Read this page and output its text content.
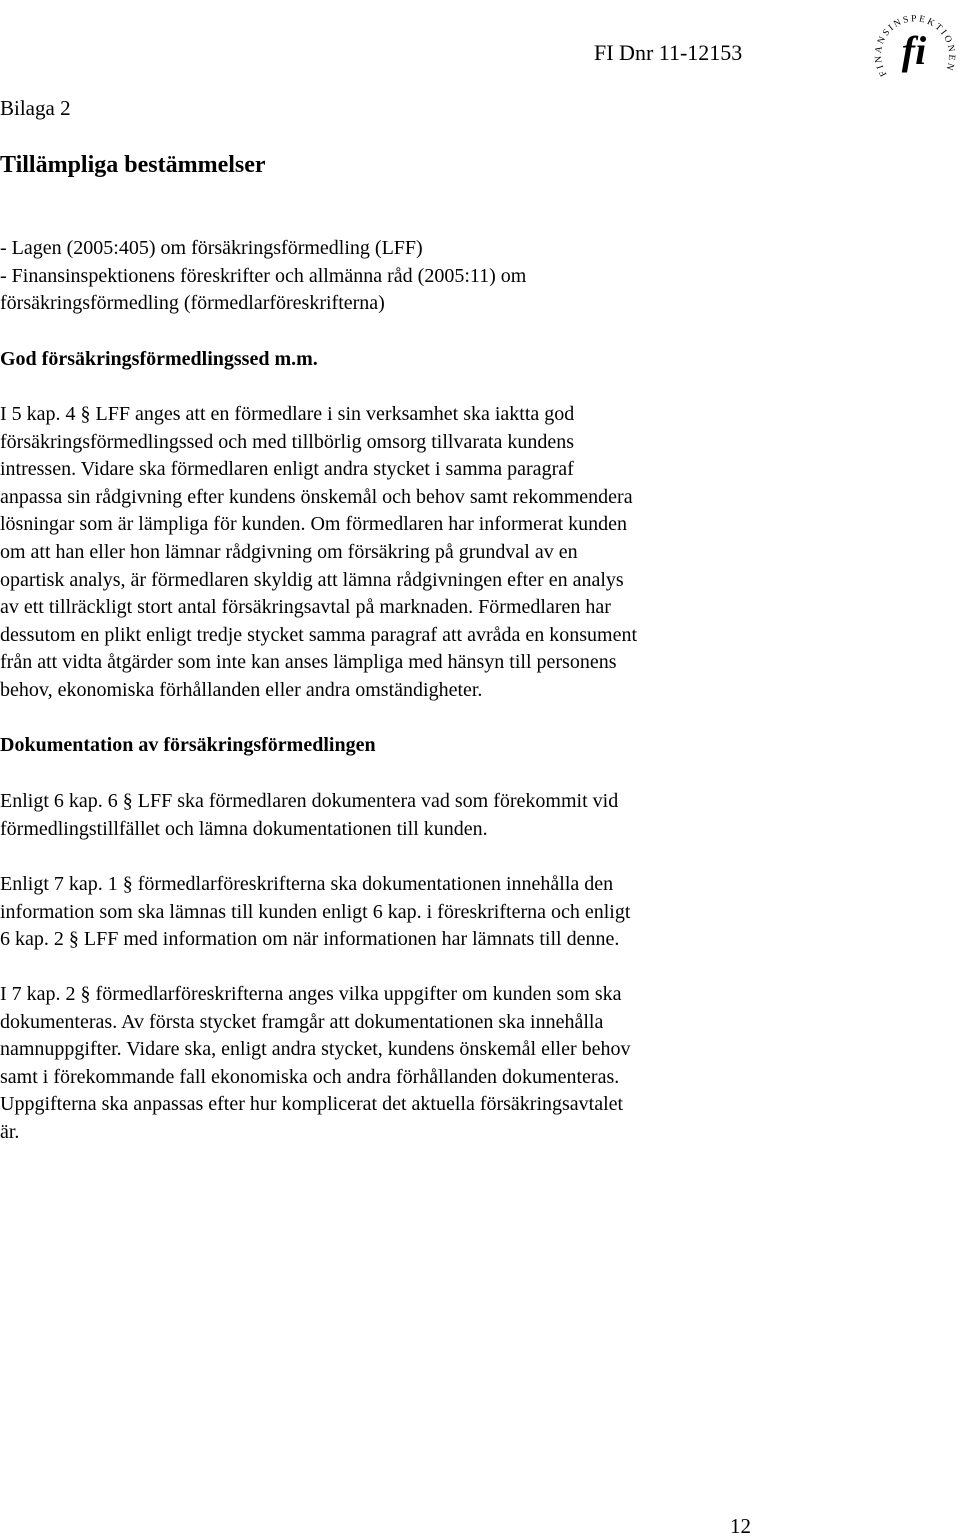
FI Dnr 11-12153
FINANSINSPEKTIONEN
fi

Bilaga 2

Tillämpliga bestämmelser
- Lagen (2005:405) om försäkringsförmedling (LFF)
- Finansinspektionens föreskrifter och allmänna råd (2005:11) om
försäkringsförmedling (förmedlarföreskrifterna)
God försäkringsförmedlingssed m.m.

I 5 kap. 4 § LFF anges att en förmedlare i sin verksamhet ska iaktta god
försäkringsförmedlingssed och med tillbörlig omsorg tillvarata kundens
intressen. Vidare ska förmedlaren enligt andra stycket i samma paragraf
anpassa sin rådgivning efter kundens önskemål och behov samt rekommendera
lösningar som är lämpliga för kunden. Om förmedlaren har informerat kunden
om att han eller hon lämnar rådgivning om försäkring på grundval av en
opartisk analys, är förmedlaren skyldig att lämna rådgivningen efter en analys
av ett tillräckligt stort antal försäkringsavtal på marknaden. Förmedlaren har
dessutom en plikt enligt tredje stycket samma paragraf att avråda en konsument
från att vidta åtgärder som inte kan anses lämpliga med hänsyn till personens
behov, ekonomiska förhållanden eller andra omständigheter.

Dokumentation av försäkringsförmedlingen

Enligt 6 kap. 6 § LFF ska förmedlaren dokumentera vad som förekommit vid
förmedlingstillfället och lämna dokumentationen till kunden.

Enligt 7 kap. 1 § förmedlarföreskrifterna ska dokumentationen innehålla den
information som ska lämnas till kunden enligt 6 kap. i föreskrifterna och enligt
6 kap. 2 § LFF med information om när informationen har lämnats till denne.

I 7 kap. 2 § förmedlarföreskrifterna anges vilka uppgifter om kunden som ska
dokumenteras. Av första stycket framgår att dokumentationen ska innehålla
namnuppgifter. Vidare ska, enligt andra stycket, kundens önskemål eller behov
samt i förekommande fall ekonomiska och andra förhållanden dokumenteras.
Uppgifterna ska anpassas efter hur komplicerat det aktuella försäkringsavtalet
är.

12
